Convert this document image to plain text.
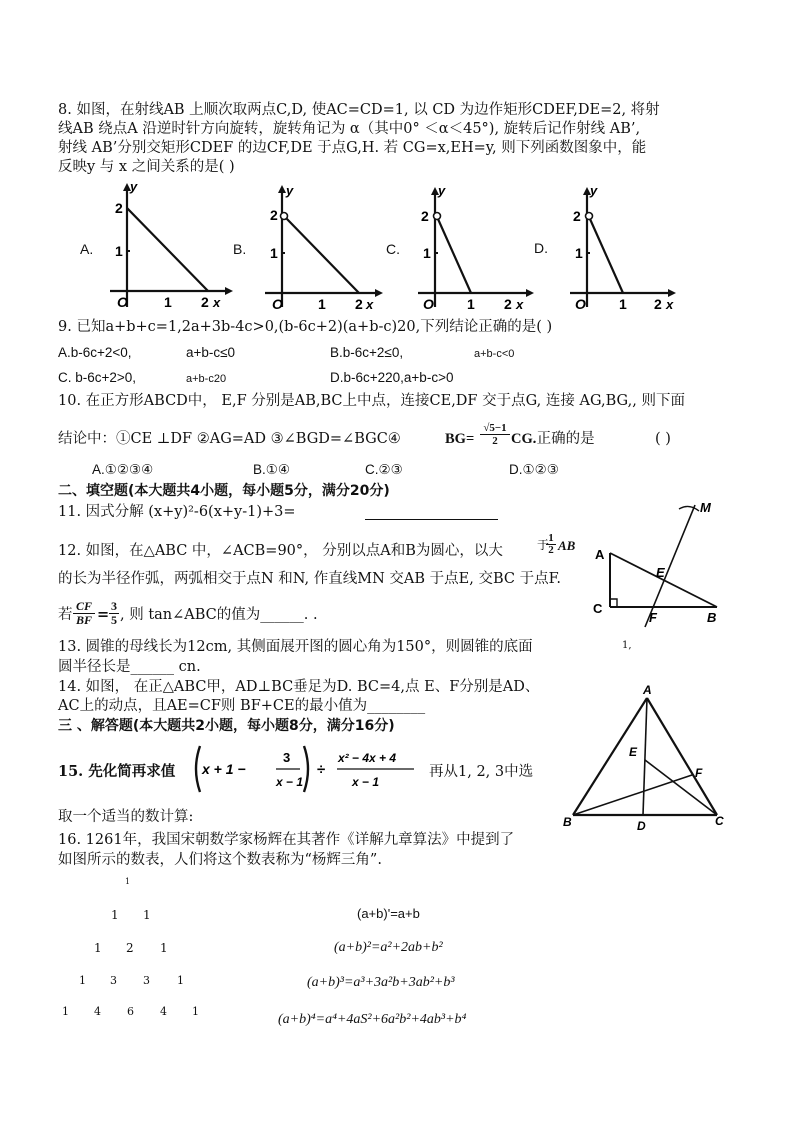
8. 如图，在射线AB 上顺次取两点C,D, 使AC=CD=1, 以 CD 为边作矩形CDEF,DE=2, 将射
线AB 绕点A 沿逆时针方向旋转，旋转角记为 α（其中0° ＜α＜45°), 旋转后记作射线 AB’,
射线 AB’分别交矩形CDEF 的边CF,DE 于点G,H. 若 CG=x,EH=y, 则下列函数图象中，能
反映y 与 x 之间关系的是( )
A.	B.	C.	D.
y
2
1
O	1 2 x
y
2
1
O	1 2 x
y
2
1
O 1 2 x
y
2
1
O 1 2 x
9. 已知a+b+c=1,2a+3b-4c>0,(b-6c+2)(a+b-c)20,下列结论正确的是( )
A.b-6c+2<0,	a+b-c≤0	B.b-6c+2≤0,	a+b-c<0
C. b-6c+2>0,	a+b-c20	D.b-6c+220,a+b-c>0
10. 在正方形ABCD中， E,F 分别是AB,BC上中点，连接CE,DF 交于点G, 连接 AG,BG,, 则下面
结论中：①CE ⊥DF ②AG=AD ③∠BGD=∠BGC④	$BG= \frac{√5-1}{2}$ CG.
.正确的是	( )
A.①②③④	B.①④	C.②③	D.①②③
二、填空题(本大题共4小题，每小题5分，满分20分)
11. 因式分解 (x+y)²-6(x+y-1)+3=
12. 如图，在△ABC 中，∠ACB=90°， 分别以点A和B为圆心，以大	于
$\frac{1}{2}$ AB
的长为半径作弧，两弧相交于点N 和N, 作直线MN 交AB 于点E, 交BC 于点F.
若
CF
BF = 3
5 , 则 tan∠ABC的值为______. .
A
C
E
F	B
M
1,
13. 圆锥的母线长为12cm, 其侧面展开图的圆心角为150°，则圆锥的底面
圆半径长是______ cn.
14. 如图， 在正△ABC甲，AD⊥BC垂足为D. BC=4,点 E、F分别是AD、
AC上的动点，且AE=CF则 BF+CE的最小值为________
A
E
F
B	D	C
三 、解答题(本大题共2小题，每小题8分，满分16分)
15. 先化简再求值 x + 1 −
3
x − 1
÷
x² − 4x + 4
x − 1
再从1, 2, 3中选
取一个适当的数计算:
16. 1261年，我国宋朝数学家杨辉在其著作《详解九章算法》中提到了
如图所示的数表，人们将这个数表称为“杨辉三角”.
1
1 1
1 2 1
1 3 3 1
1 4 6 4 1
(a+b)'=a+b
(a+b)²=a²+2ab+b²
(a+b)³=a³+3a²b+3ab²+b³
(a+b)⁴=a⁴+4aS²+6a²b²+4ab³+b⁴
